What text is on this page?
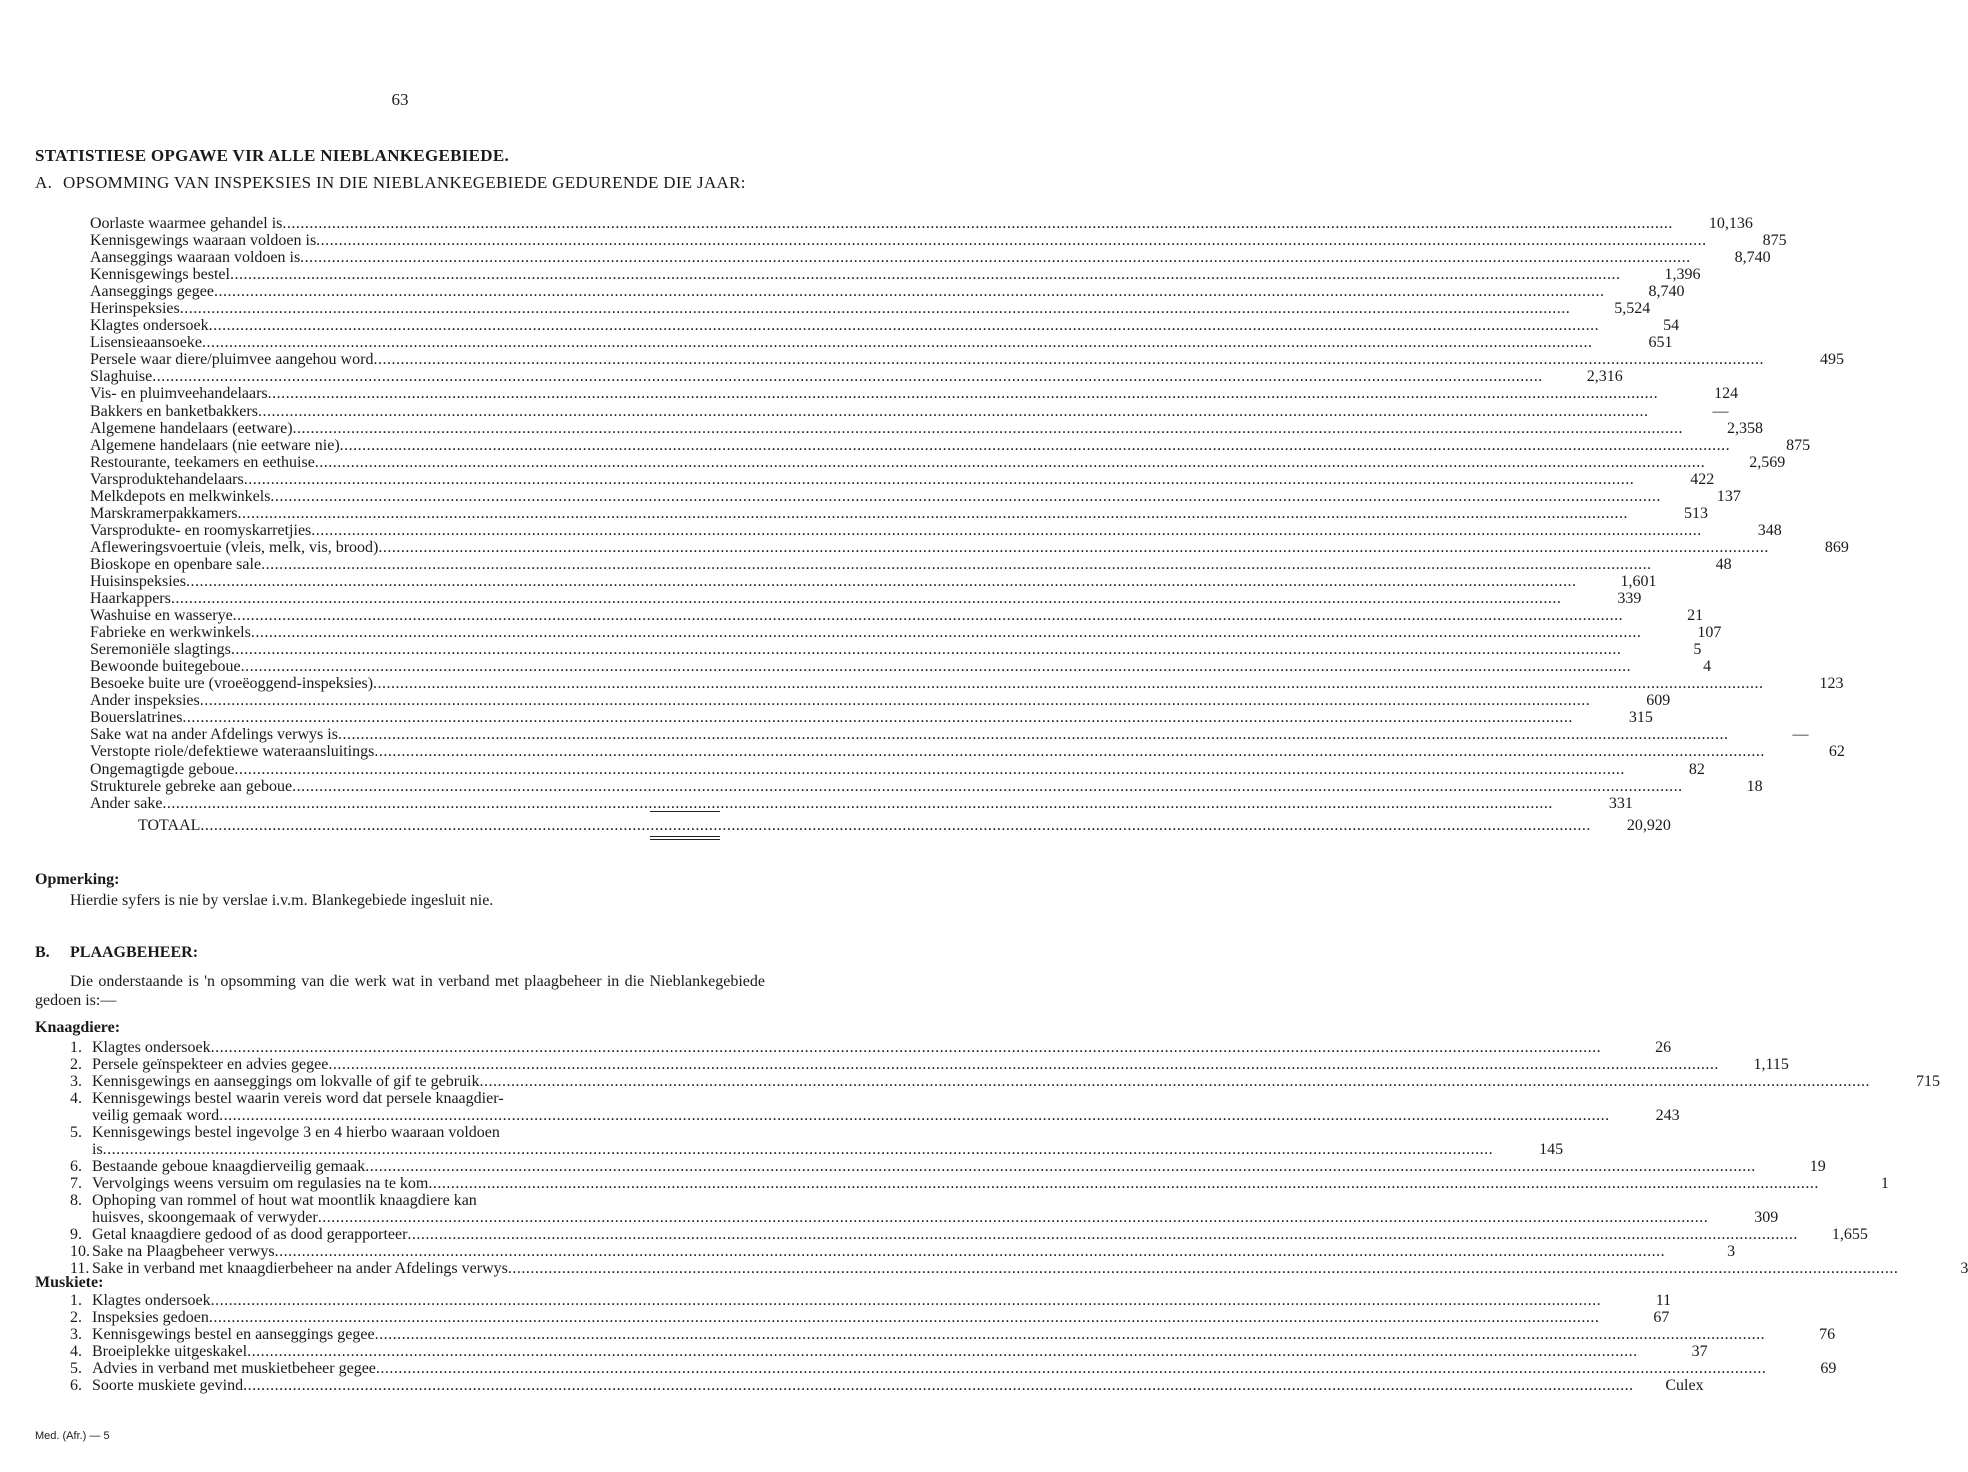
63
STATISTIESE OPGAWE VIR ALLE NIEBLANKEGEBIEDE.
A. OPSOMMING VAN INSPEKSIES IN DIE NIEBLANKEGEBIEDE GEDURENDE DIE JAAR:
Oorlaste waarmee gehandel is .....	10,136
Kennisgewings waaraan voldoen is .....	875
Aanseggings waaraan voldoen is .....	8,740
Kennisgewings bestel .....	1,396
Aanseggings gegee .....	8,740
Herinspeksies .....	5,524
Klagtes ondersoek .....	54
Lisensieaansoeke .....	651
Persele waar diere/pluimvee aangehou word .....	495
Slaghuise .....	2,316
Vis- en pluimveehandelaars .....	124
Bakkers en banketbakkers .....	—
Algemene handelaars (eetware) .....	2,358
Algemene handelaars (nie eetware nie) .....	875
Restourante, teekamers en eethuise .....	2,569
Varsproduktehandelaars .....	422
Melkdepots en melkwinkels .....	137
Marskramerpakkamers .....	513
Varsprodukte- en roomyskarretjies .....	348
Afleweringsvoertuie (vleis, melk, vis, brood) .....	869
Bioskope en openbare sale .....	48
Huisinspeksies .....	1,601
Haarkappers .....	339
Washuise en wasserye .....	21
Fabrieke en werkwinkels .....	107
Seremoniële slagtings .....	5
Bewoonde buitegeboue .....	4
Besoeke buite ure (vroeëoggend-inspeksies) .....	123
Ander inspeksies .....	609
Bouerslatrines .....	315
Sake wat na ander Afdelings verwys is .....	—
Verstopte riole/defektiewe wateraansluitings .....	62
Ongemagtigde geboue .....	82
Strukturele gebreke aan geboue .....	18
Ander sake .....	331
TOTAAL .....	20,920
Opmerking:
Hierdie syfers is nie by verslae i.v.m. Blankegebiede ingesluit nie.
B. PLAAGBEHEER:
Die onderstaande is 'n opsomming van die werk wat in verband met plaagbeheer in die Nieblankegebiede gedoen is:—
Knaagdiere:
1. Klagtes ondersoek .....	26
2. Persele geïnspekteer en advies gegee .....	1,115
3. Kennisgewings en aanseggings om lokvalle of gif te gebruik .....	715
4. Kennisgewings bestel waarin vereis word dat persele knaagdier-
veilig gemaak word .....	243
5. Kennisgewings bestel ingevolge 3 en 4 hierbo waaraan voldoen
is .....	145
6. Bestaande geboue knaagdierveilig gemaak .....	19
7. Vervolgings weens versuim om regulasies na te kom .....	1
8. Ophoping van rommel of hout wat moontlik knaagdiere kan
huisves, skoongemaak of verwyder .....	309
9. Getal knaagdiere gedood of as dood gerapporteer .....	1,655
10. Sake na Plaagbeheer verwys .....	3
11. Sake in verband met knaagdierbeheer na ander Afdelings verwys .....	3
Muskiete:
1. Klagtes ondersoek .....	11
2. Inspeksies gedoen .....	67
3. Kennisgewings bestel en aanseggings gegee .....	76
4. Broeiplekke uitgeskakel .....	37
5. Advies in verband met muskietbeheer gegee .....	69
6. Soorte muskiete gevind .....	Culex
Med. (Afr.) — 5
